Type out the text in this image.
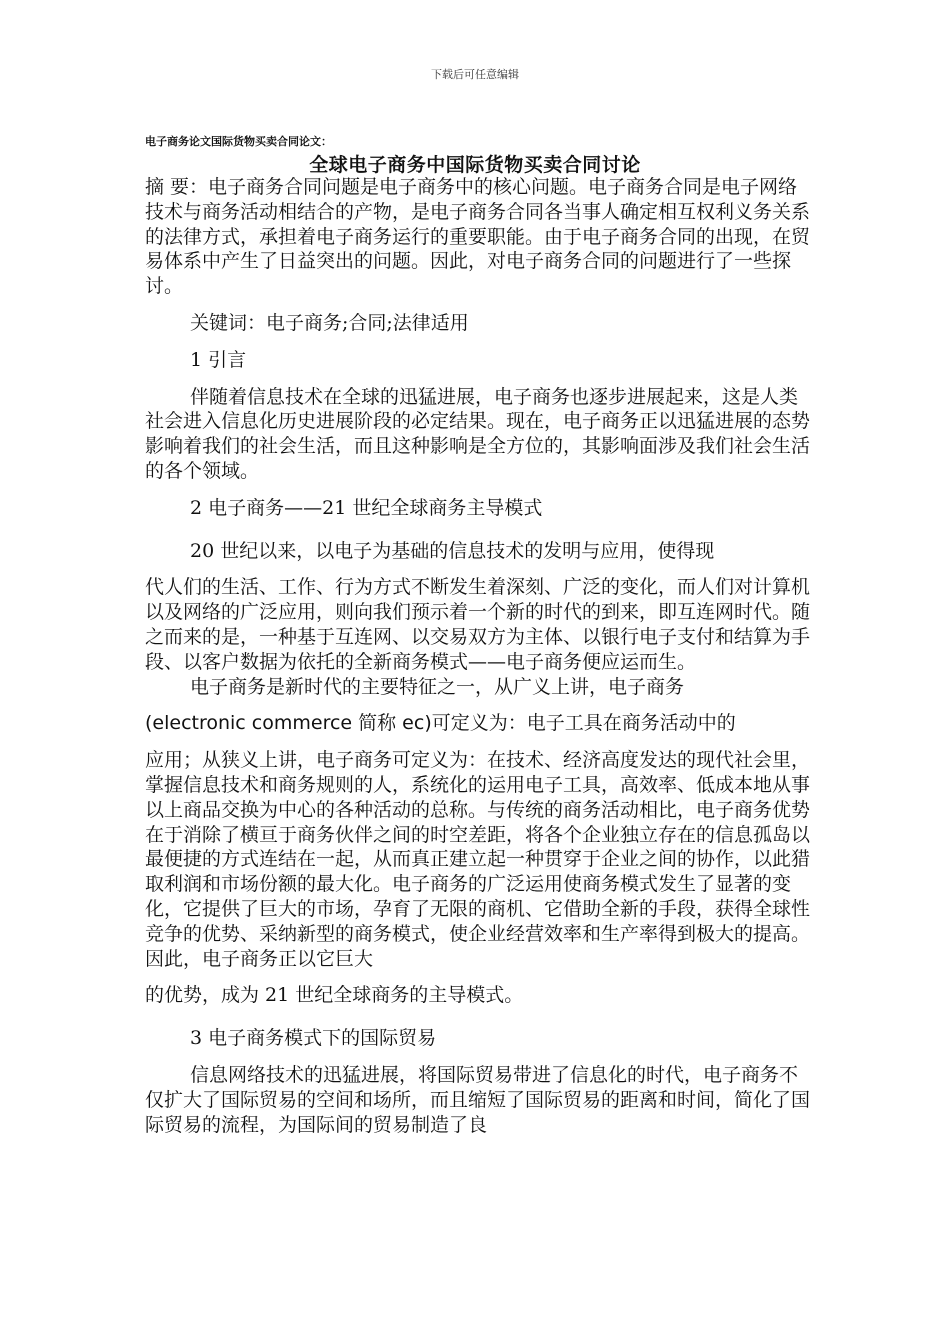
下载后可任意编辑
电子商务论文国际货物买卖合同论文：
全球电子商务中国际货物买卖合同讨论

摘 要：电子商务合同问题是电子商务中的核心问题。电子商务合同是电子网络技术与商务活动相结合的产物，是电子商务合同各当事人确定相互权利义务关系的法律方式，承担着电子商务运行的重要职能。由于电子商务合同的出现，在贸易体系中产生了日益突出的问题。因此，对电子商务合同的问题进行了一些探讨。

关键词：电子商务;合同;法律适用

1 引言

伴随着信息技术在全球的迅猛进展，电子商务也逐步进展起来，这是人类社会进入信息化历史进展阶段的必定结果。现在，电子商务正以迅猛进展的态势影响着我们的社会生活，而且这种影响是全方位的，其影响面涉及我们社会生活的各个领域。

2 电子商务——21 世纪全球商务主导模式

20 世纪以来，以电子为基础的信息技术的发明与应用，使得现

代人们的生活、工作、行为方式不断发生着深刻、广泛的变化，而人们对计算机以及网络的广泛应用，则向我们预示着一个新的时代的到来，即互连网时代。随之而来的是，一种基于互连网、以交易双方为主体、以银行电子支付和结算为手段、以客户数据为依托的全新商务模式——电子商务便应运而生。

电子商务是新时代的主要特征之一，从广义上讲，电子商务

(electronic commerce 简称 ec)可定义为：电子工具在商务活动中的

应用；从狭义上讲，电子商务可定义为：在技术、经济高度发达的现代社会里，掌握信息技术和商务规则的人，系统化的运用电子工具，高效率、低成本地从事以上商品交换为中心的各种活动的总称。与传统的商务活动相比，电子商务优势在于消除了横亘于商务伙伴之间的时空差距，将各个企业独立存在的信息孤岛以最便捷的方式连结在一起，从而真正建立起一种贯穿于企业之间的协作，以此猎取利润和市场份额的最大化。电子商务的广泛运用使商务模式发生了显著的变化，它提供了巨大的市场，孕育了无限的商机、它借助全新的手段，获得全球性竞争的优势、采纳新型的商务模式，使企业经营效率和生产率得到极大的提高。因此，电子商务正以它巨大

的优势，成为 21 世纪全球商务的主导模式。

3 电子商务模式下的国际贸易

信息网络技术的迅猛进展，将国际贸易带进了信息化的时代，电子商务不仅扩大了国际贸易的空间和场所，而且缩短了国际贸易的距离和时间，简化了国际贸易的流程，为国际间的贸易制造了良
